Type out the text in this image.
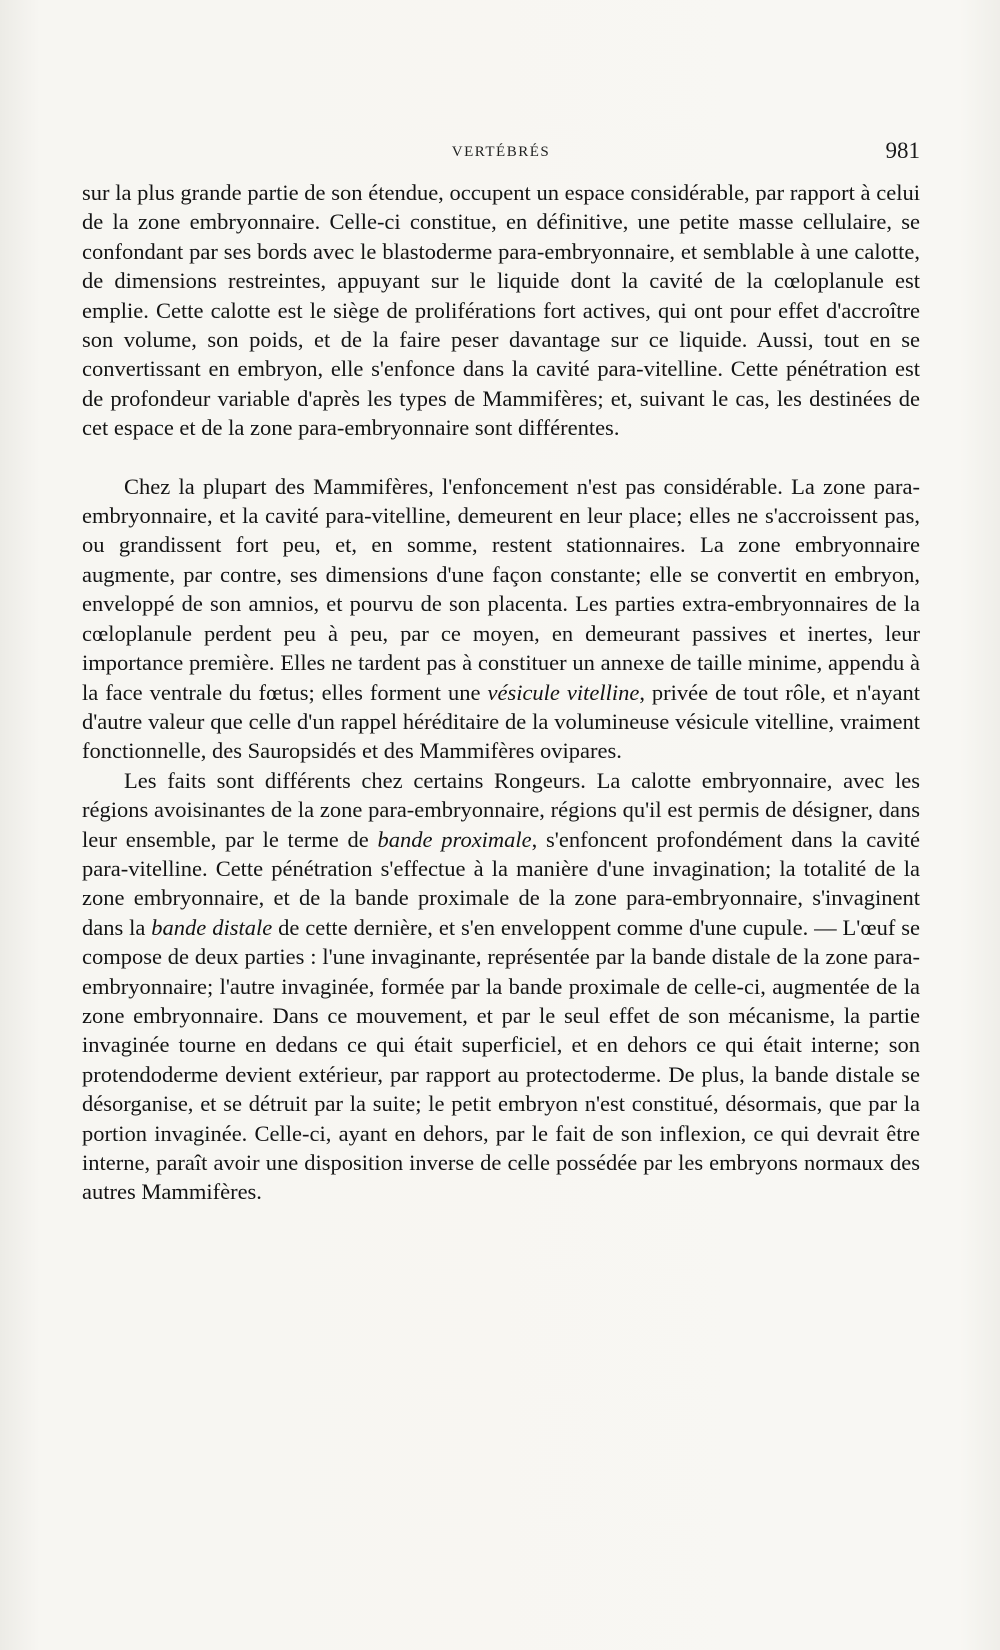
VERTÉBRÉS	981

sur la plus grande partie de son étendue, occupent un espace considérable, par rapport à celui de la zone embryonnaire. Celle-ci constitue, en définitive, une petite masse cellulaire, se confondant par ses bords avec le blastoderme para-embryonnaire, et semblable à une calotte, de dimensions restreintes, appuyant sur le liquide dont la cavité de la cœloplanule est emplie. Cette calotte est le siège de proliférations fort actives, qui ont pour effet d'accroître son volume, son poids, et de la faire peser davantage sur ce liquide. Aussi, tout en se convertissant en embryon, elle s'enfonce dans la cavité para-vitelline. Cette pénétration est de profondeur variable d'après les types de Mammifères; et, suivant le cas, les destinées de cet espace et de la zone para-embryonnaire sont différentes.

Chez la plupart des Mammifères, l'enfoncement n'est pas considérable. La zone para-embryonnaire, et la cavité para-vitelline, demeurent en leur place; elles ne s'accroissent pas, ou grandissent fort peu, et, en somme, restent stationnaires. La zone embryonnaire augmente, par contre, ses dimensions d'une façon constante; elle se convertit en embryon, enveloppé de son amnios, et pourvu de son placenta. Les parties extra-embryonnaires de la cœloplanule perdent peu à peu, par ce moyen, en demeurant passives et inertes, leur importance première. Elles ne tardent pas à constituer un annexe de taille minime, appendu à la face ventrale du fœtus; elles forment une vésicule vitelline, privée de tout rôle, et n'ayant d'autre valeur que celle d'un rappel héréditaire de la volumineuse vésicule vitelline, vraiment fonctionnelle, des Sauropsidés et des Mammifères ovipares.

Les faits sont différents chez certains Rongeurs. La calotte embryonnaire, avec les régions avoisinantes de la zone para-embryonnaire, régions qu'il est permis de désigner, dans leur ensemble, par le terme de bande proximale, s'enfoncent profondément dans la cavité para-vitelline. Cette pénétration s'effectue à la manière d'une invagination; la totalité de la zone embryonnaire, et de la bande proximale de la zone para-embryonnaire, s'invaginent dans la bande distale de cette dernière, et s'en enveloppent comme d'une cupule. — L'œuf se compose de deux parties : l'une invaginante, représentée par la bande distale de la zone para-embryonnaire; l'autre invaginée, formée par la bande proximale de celle-ci, augmentée de la zone embryonnaire. Dans ce mouvement, et par le seul effet de son mécanisme, la partie invaginée tourne en dedans ce qui était superficiel, et en dehors ce qui était interne; son protendoderme devient extérieur, par rapport au protectoderme. De plus, la bande distale se désorganise, et se détruit par la suite; le petit embryon n'est constitué, désormais, que par la portion invaginée. Celle-ci, ayant en dehors, par le fait de son inflexion, ce qui devrait être interne, paraît avoir une disposition inverse de celle possédée par les embryons normaux des autres Mammifères.
